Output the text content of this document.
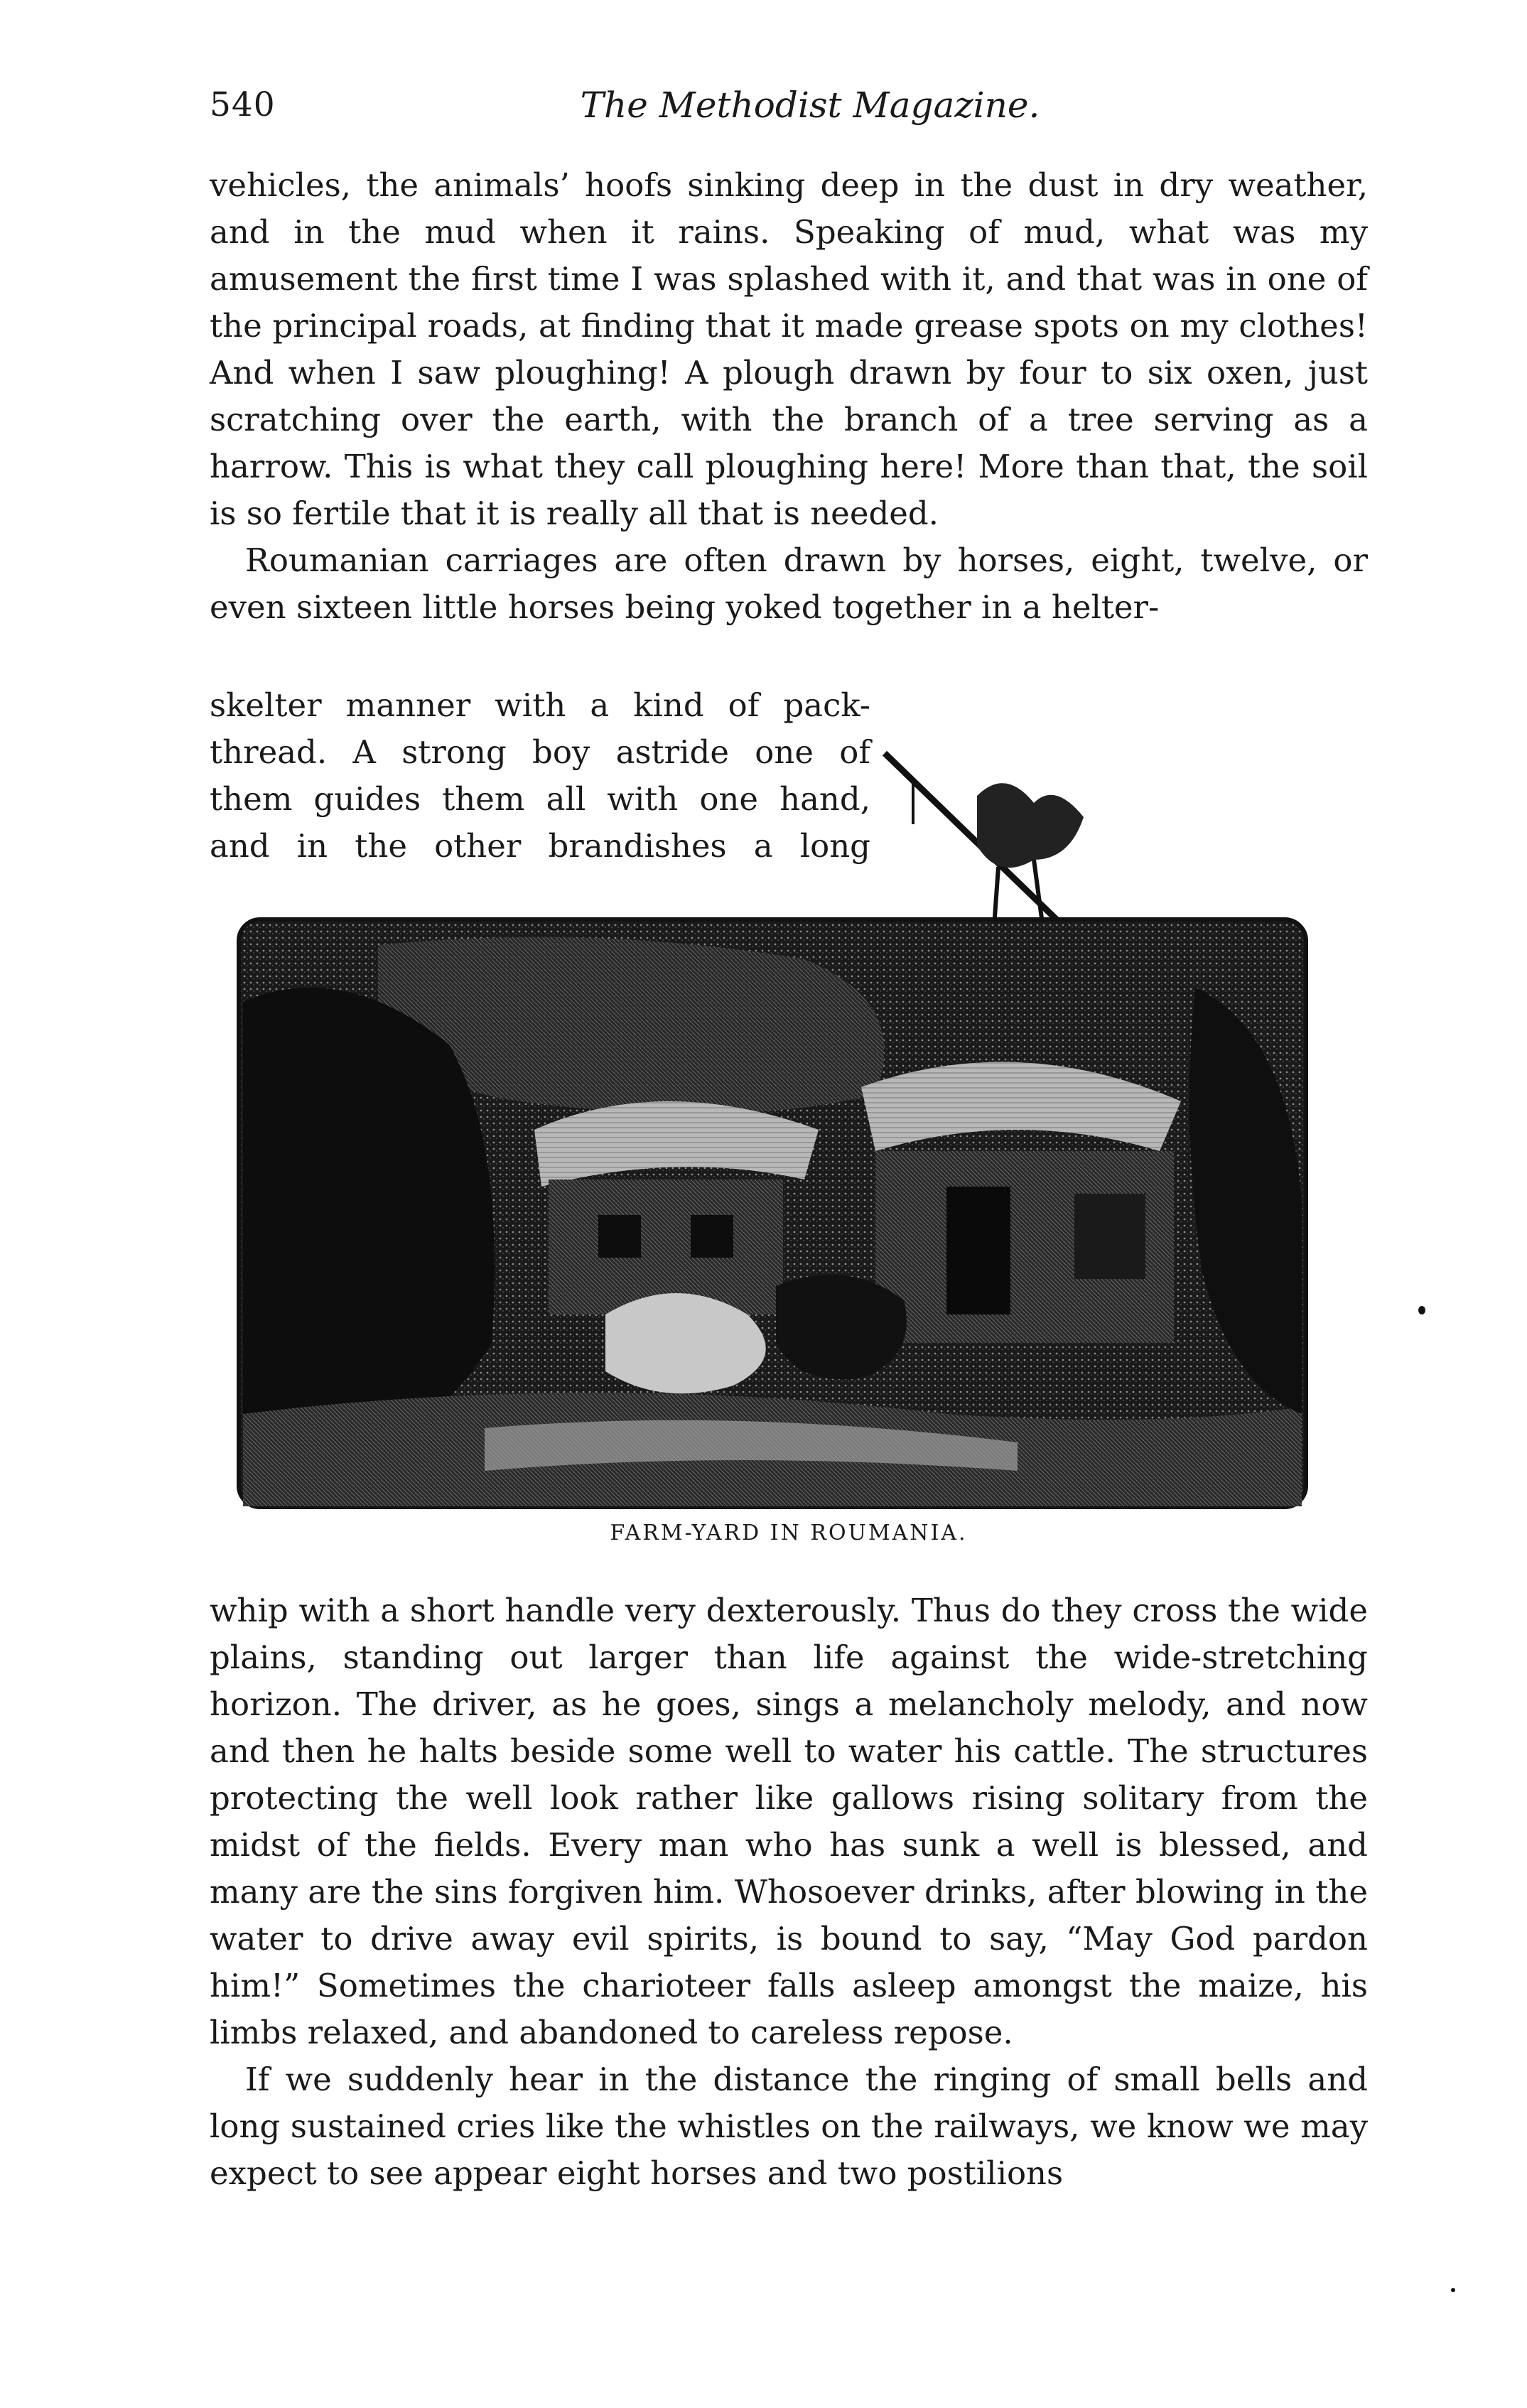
540	The Methodist Magazine.

vehicles, the animals’ hoofs sinking deep in the dust in dry weather, and in the mud when it rains. Speaking of mud, what was my amusement the first time I was splashed with it, and that was in one of the principal roads, at finding that it made grease spots on my clothes! And when I saw ploughing! A plough drawn by four to six oxen, just scratching over the earth, with the branch of a tree serving as a harrow. This is what they call ploughing here! More than that, the soil is so fertile that it is really all that is needed.

Roumanian carriages are often drawn by horses, eight, twelve, or even sixteen little horses being yoked together in a helter-

skelter manner with a kind of pack-
thread. A strong boy astride one of
them guides them all with one hand,
and in the other brandishes a long
FARM-YARD IN ROUMANIA.

whip with a short handle very dexterously. Thus do they cross the wide plains, standing out larger than life against the wide-stretching horizon. The driver, as he goes, sings a melancholy melody, and now and then he halts beside some well to water his cattle. The structures protecting the well look rather like gallows rising solitary from the midst of the fields. Every man who has sunk a well is blessed, and many are the sins forgiven him. Whosoever drinks, after blowing in the water to drive away evil spirits, is bound to say, “May God pardon him!” Sometimes the charioteer falls asleep amongst the maize, his limbs relaxed, and abandoned to careless repose.

If we suddenly hear in the distance the ringing of small bells and long sustained cries like the whistles on the railways, we know we may expect to see appear eight horses and two postilions
